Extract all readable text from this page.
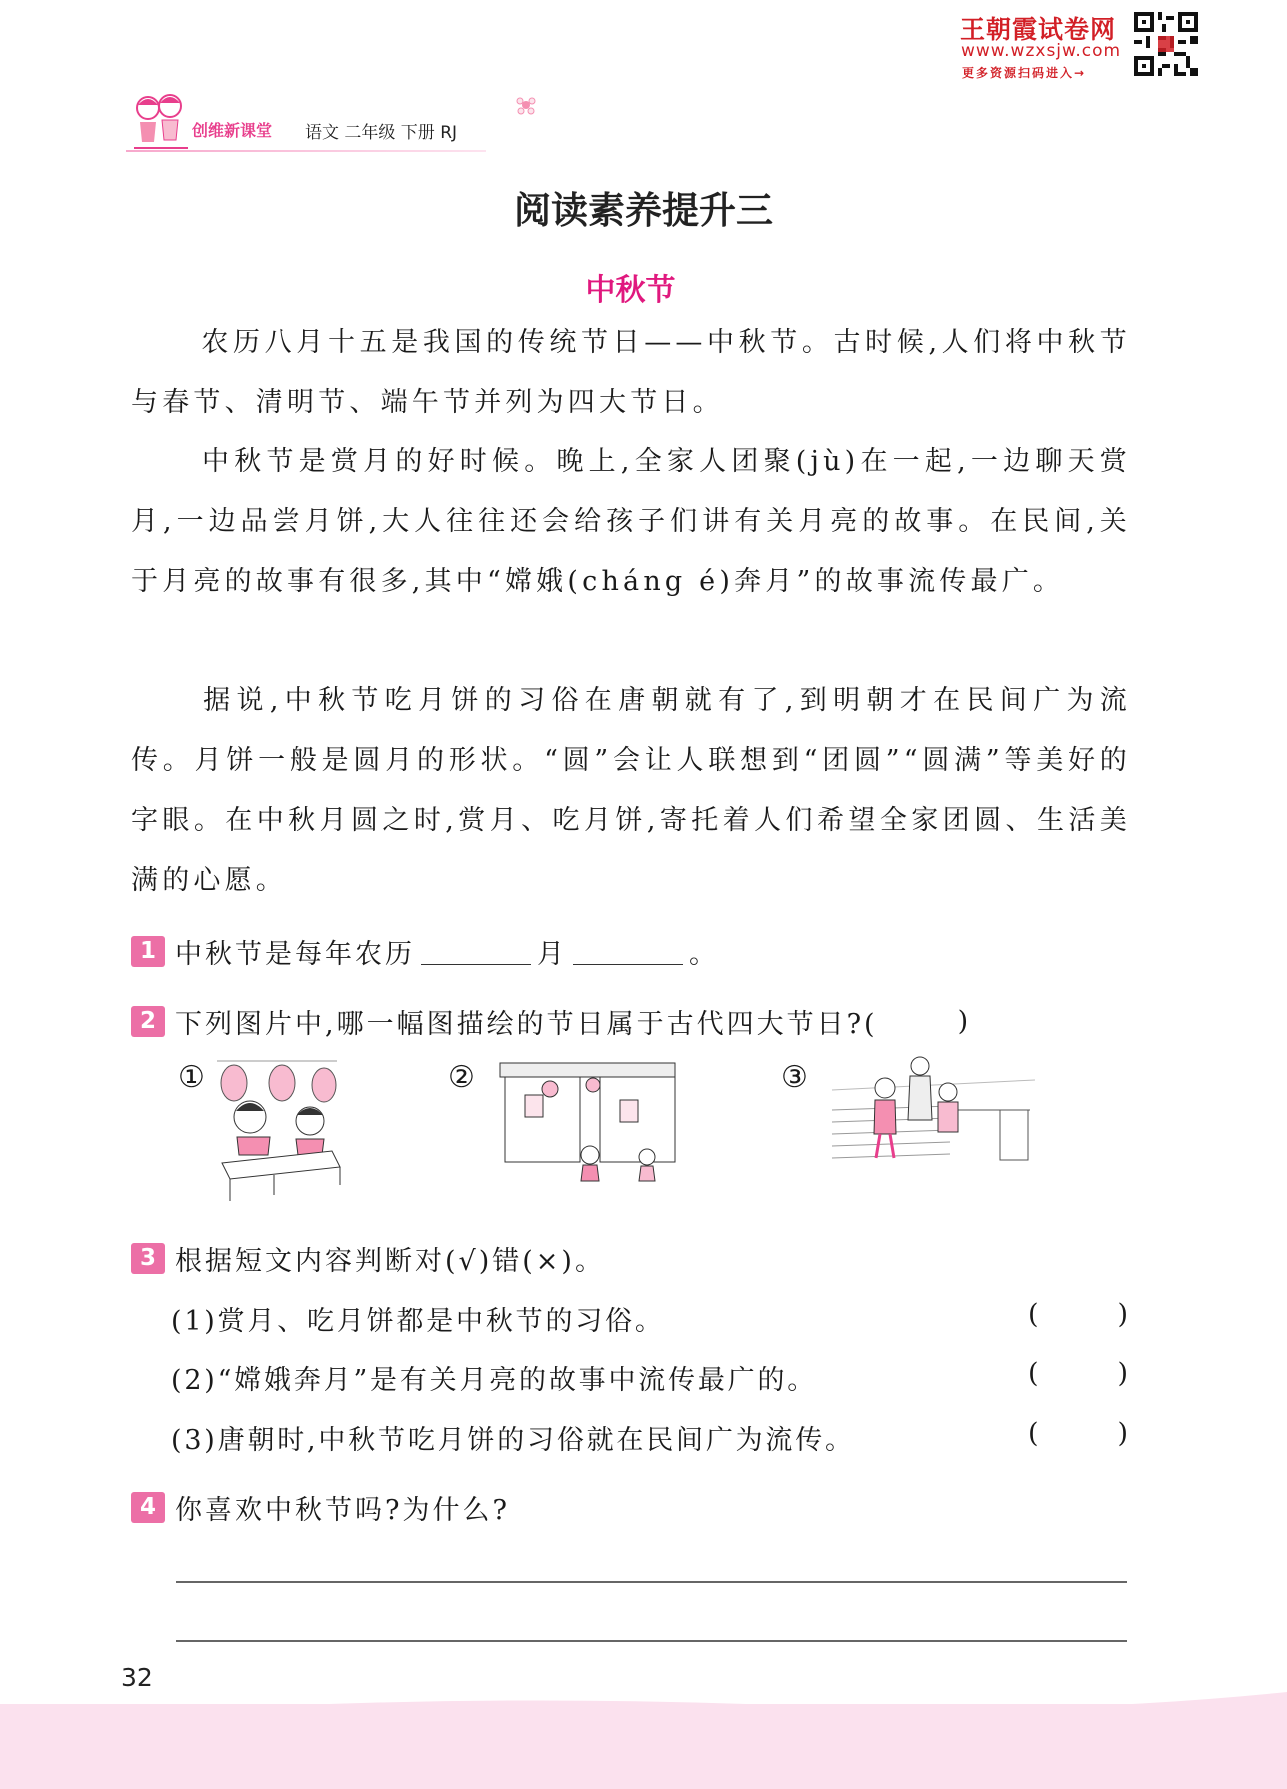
王朝霞试卷网
www.wzxsjw.com
更多资源扫码进入→
创维新课堂 语文 二年级 下册 RJ
阅读素养提升三
中秋节
农历八月十五是我国的传统节日——中秋节。古时候,人们将中秋节与春节、清明节、端午节并列为四大节日。
中秋节是赏月的好时候。晚上,全家人团聚(jù)在一起,一边聊天赏月,一边品尝月饼,大人往往还会给孩子们讲有关月亮的故事。在民间,关于月亮的故事有很多,其中“嫦娥(cháng é)奔月”的故事流传最广。
据说,中秋节吃月饼的习俗在唐朝就有了,到明朝才在民间广为流传。月饼一般是圆月的形状。“圆”会让人联想到“团圆”“圆满”等美好的字眼。在中秋月圆之时,赏月、吃月饼,寄托着人们希望全家团圆、生活美满的心愿。
1 中秋节是每年农历	月	。
2 下列图片中,哪一幅图描绘的节日属于古代四大节日?(	)
①	②	③
3 根据短文内容判断对(√)错(×)。
(1)赏月、吃月饼都是中秋节的习俗。	(	)
(2)“嫦娥奔月”是有关月亮的故事中流传最广的。	(	)
(3)唐朝时,中秋节吃月饼的习俗就在民间广为流传。	(	)
4 你喜欢中秋节吗?为什么?
32
